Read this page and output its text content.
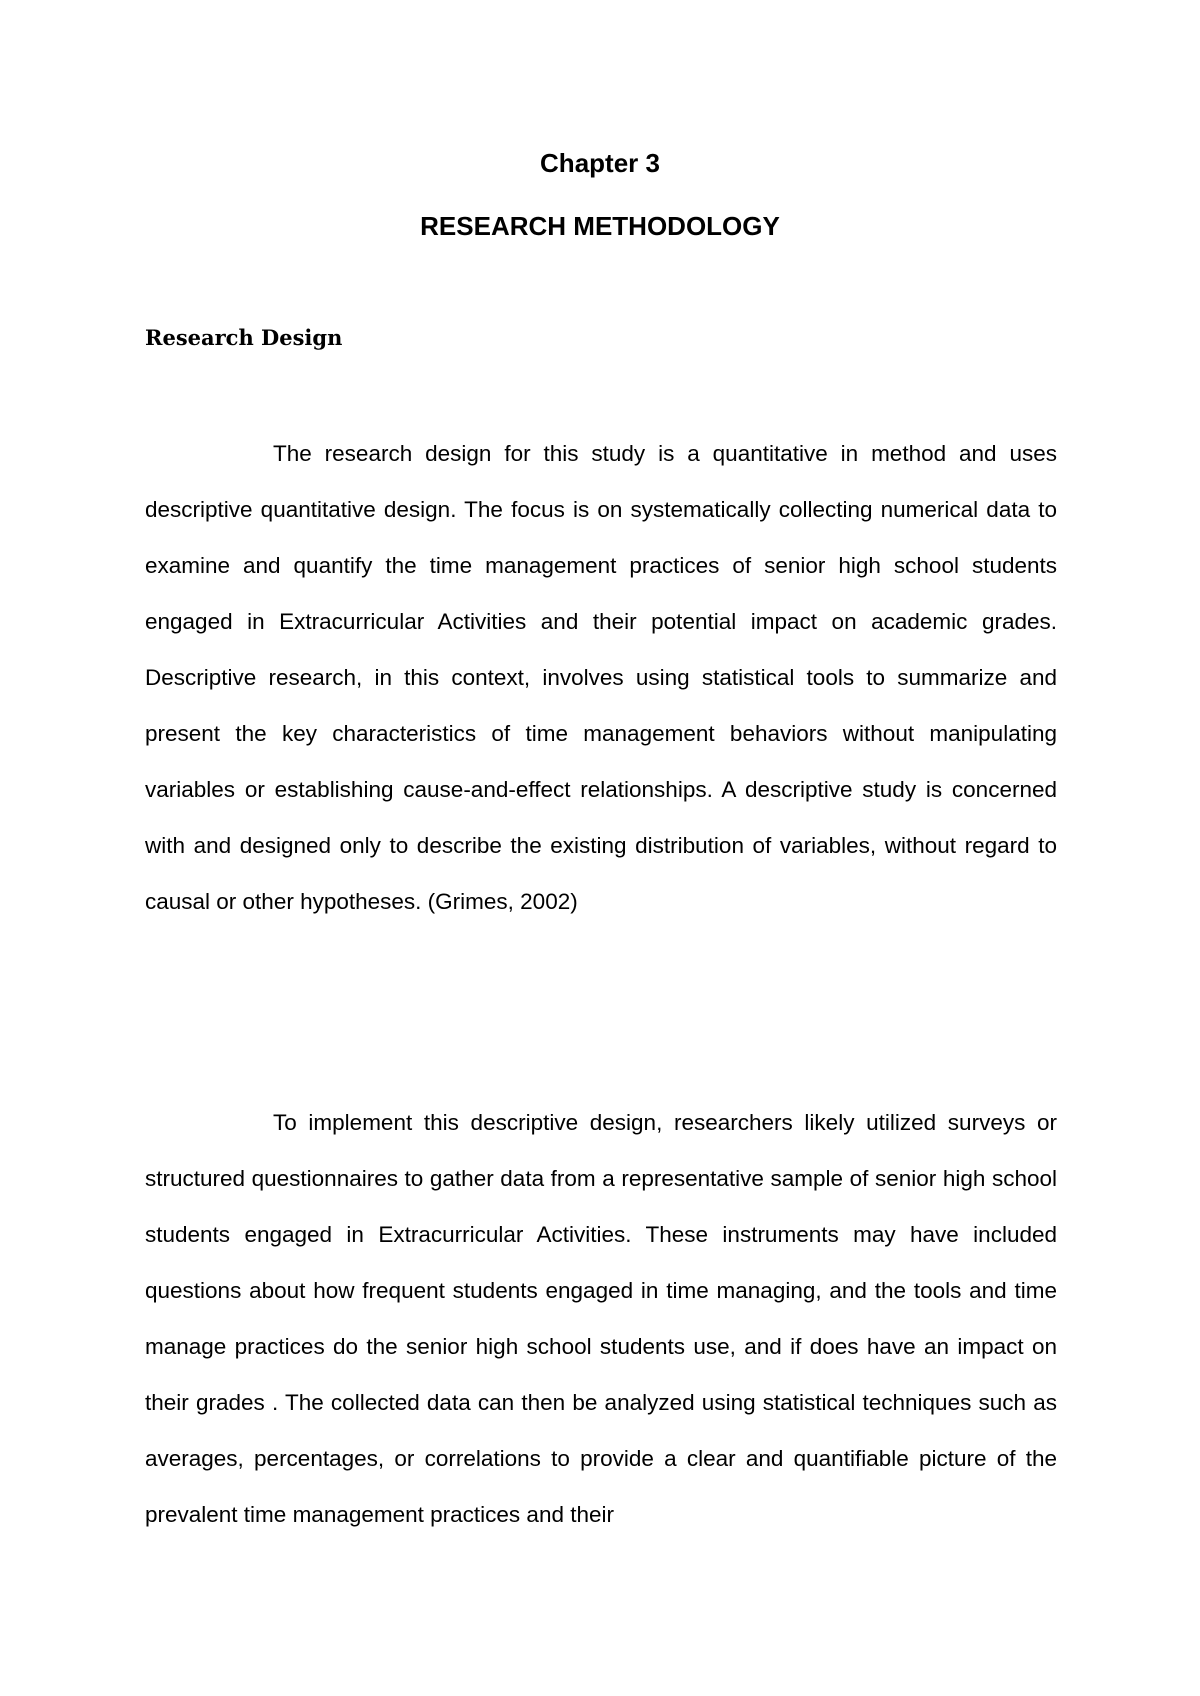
Chapter 3
RESEARCH METHODOLOGY
Research Design

The research design for this study is a quantitative in method and uses descriptive quantitative design. The focus is on systematically collecting numerical data to examine and quantify the time management practices of senior high school students engaged in Extracurricular Activities and their potential impact on academic grades. Descriptive research, in this context, involves using statistical tools to summarize and present the key characteristics of time management behaviors without manipulating variables or establishing cause-and-effect relationships. A descriptive study is concerned with and designed only to describe the existing distribution of variables, without regard to causal or other hypotheses. (Grimes, 2002)

To implement this descriptive design, researchers likely utilized surveys or structured questionnaires to gather data from a representative sample of senior high school students engaged in Extracurricular Activities. These instruments may have included questions about how frequent students engaged in time managing, and the tools and time manage practices do the senior high school students use, and if does have an impact on their grades . The collected data can then be analyzed using statistical techniques such as averages, percentages, or correlations to provide a clear and quantifiable picture of the prevalent time management practices and their
